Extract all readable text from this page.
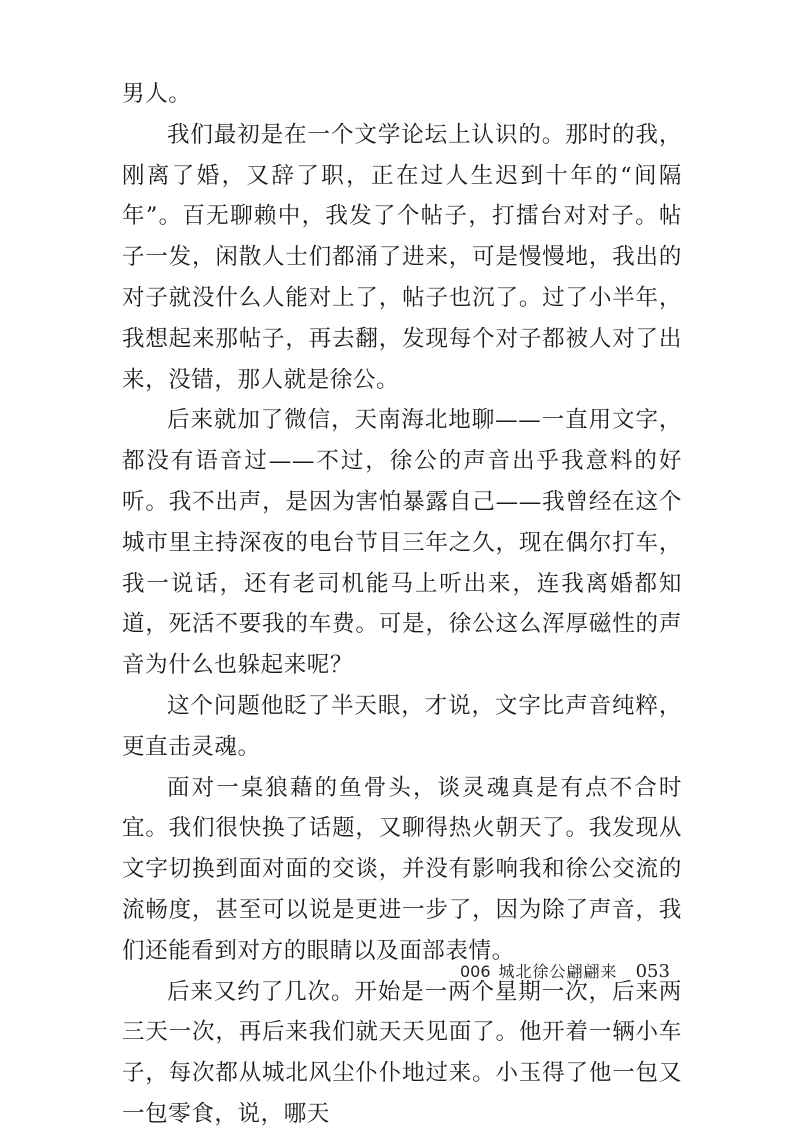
男人。

我们最初是在一个文学论坛上认识的。那时的我，刚离了婚，又辞了职，正在过人生迟到十年的“间隔年”。百无聊赖中，我发了个帖子，打擂台对对子。帖子一发，闲散人士们都涌了进来，可是慢慢地，我出的对子就没什么人能对上了，帖子也沉了。过了小半年，我想起来那帖子，再去翻，发现每个对子都被人对了出来，没错，那人就是徐公。

后来就加了微信，天南海北地聊——一直用文字，都没有语音过——不过，徐公的声音出乎我意料的好听。我不出声，是因为害怕暴露自己——我曾经在这个城市里主持深夜的电台节目三年之久，现在偶尔打车，我一说话，还有老司机能马上听出来，连我离婚都知道，死活不要我的车费。可是，徐公这么浑厚磁性的声音为什么也躲起来呢？

这个问题他眨了半天眼，才说，文字比声音纯粹，更直击灵魂。

面对一桌狼藉的鱼骨头，谈灵魂真是有点不合时宜。我们很快换了话题，又聊得热火朝天了。我发现从文字切换到面对面的交谈，并没有影响我和徐公交流的流畅度，甚至可以说是更进一步了，因为除了声音，我们还能看到对方的眼睛以及面部表情。

后来又约了几次。开始是一两个星期一次，后来两三天一次，再后来我们就天天见面了。他开着一辆小车子，每次都从城北风尘仆仆地过来。小玉得了他一包又一包零食，说，哪天

006 城北徐公翩翩来 053
